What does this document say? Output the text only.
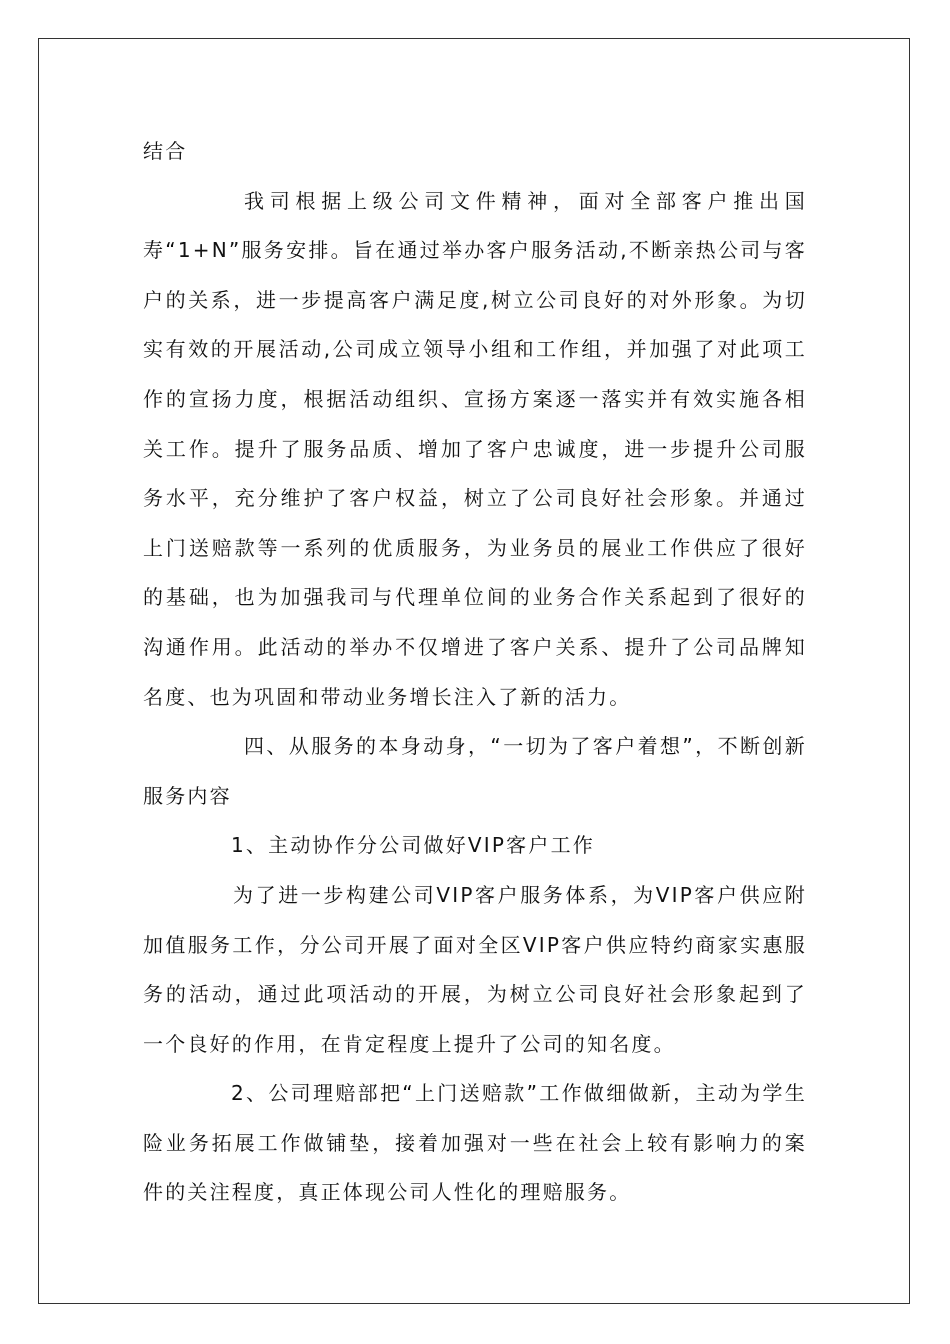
结合

我司根据上级公司文件精神，面对全部客户推出国寿“1+N”服务安排。旨在通过举办客户服务活动,不断亲热公司与客户的关系，进一步提高客户满足度,树立公司良好的对外形象。为切实有效的开展活动,公司成立领导小组和工作组，并加强了对此项工作的宣扬力度，根据活动组织、宣扬方案逐一落实并有效实施各相关工作。提升了服务品质、增加了客户忠诚度，进一步提升公司服务水平，充分维护了客户权益，树立了公司良好社会形象。并通过上门送赔款等一系列的优质服务，为业务员的展业工作供应了很好的基础，也为加强我司与代理单位间的业务合作关系起到了很好的沟通作用。此活动的举办不仅增进了客户关系、提升了公司品牌知名度、也为巩固和带动业务增长注入了新的活力。

四、从服务的本身动身，“一切为了客户着想”，不断创新服务内容

1、主动协作分公司做好VIP客户工作

为了进一步构建公司VIP客户服务体系，为VIP客户供应附加值服务工作，分公司开展了面对全区VIP客户供应特约商家实惠服务的活动，通过此项活动的开展，为树立公司良好社会形象起到了一个良好的作用，在肯定程度上提升了公司的知名度。

2、公司理赔部把“上门送赔款”工作做细做新，主动为学生险业务拓展工作做铺垫，接着加强对一些在社会上较有影响力的案件的关注程度，真正体现公司人性化的理赔服务。
